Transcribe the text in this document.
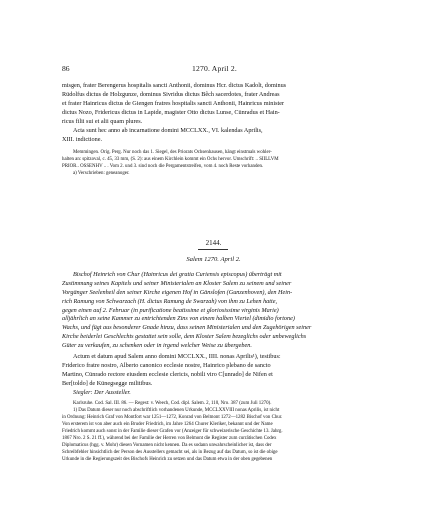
86	1270. April 2.
misgen, frater Berengerus hospitalis sancti Anthonii, dominus Hcr. dictus Kadolt, dominus
Rüdolfus dictus de Holzgunze, dominus Sivridus dictus Bêch sacerdotes, frater Andreas
et frater Hainricus dictus de Giengen fratres hospitalis sancti Anthonii, Hainricus minister
dictus Nozo, Fridericus dictus in Lapide, magister Otto dictus Lunse, Cūnradus et Hain-
ricus filii sui et alii quam plures.
Acta sunt hec anno ab incarnatione domini MCCLXX., VI. kalendas Aprilis,
XIII. indictione.
Memmingen. Orig. Perg. Nur noch das 1. Siegel, des Priorats Ochsenhausen, hängt einstmals wohler-
halten an: spitzoval, c. 45, 33 mm, (S. 2): aus einem Kirchlein kommt ein Ochs hervor. Umschrift: .. SIILLVM
PRIOR.. OSSENHV .. . Vom 2. und 3. sind noch die Pergamentstreifen, vom 4. noch Reste vorhanden.
a) Verschrieben: geneanoger.
2144.
Salem 1270. April 2.
Bischof Heinrich von Chur (Hainricus dei gratia Curiensis episcopus) überträgt mit
Zustimmung seines Kapitels und seiner Ministerialen an Kloster Salem zu seinem und seiner
Vorgänger Seelenheil den seiner Kirche eigenen Hof in Gänslofen (Gunzenhoven), den Hein-
rich Ramung von Schwarzach (H. dictus Ramung de Swarzah) von ihm zu Lehen hatte,
gegen einen auf 2. Februar (in purificatione beatissime et gloriosissime virginis Marie)
alljährlich an seine Kammer zu entrichtenden Zins von einem halben Viertel (dimidio fortone)
Wachs, und fügt aus besonderer Gnade hinzu, dass seinen Ministerialen und den Zugehörigen seiner
Kirche beiderlei Geschlechts gestattet sein solle, dem Kloster Salem bezeglichs oder unbeweglichs
Güter zu verkaufen, zu schenken oder in irgend welcher Weise zu übergeben.
Actum et datum apud Salem anno domini MCCLXX., IIII. nonas Aprilis¹), testibus:
Friderico fratre nostro, Alberto canonico ecclesie nostre, Hainrico plebano de sancto
Martino, Cūnrado rectore eiusdem ecclesie clericis, nobili viro C[unrado] de Nifen et
Ber[toldo] de Künegsegge militibus.
Siegler: Der Aussteller.
Karlsruhe. Cod. Sal. III. 86. — Regest: v. Weech, Cod. dipl. Salem. 2, 110, Nro. 387 (zum Juli 1270).
1) Das Datum dieser nur noch abschriftlich vorhandenen Urkunde, MCCLXXVIII nonas Aprilis, ist nicht
in Ordnung: Heinrich Graf von Montfort war 1251—1272, Konrad von Belmont 1272—1282 Bischof von Chur.
Von ersterem ist von aber auch ein Bruder Friedrich, im Jahre 1264 Churer Kleriker, bekannt und der Name
Friedrich kommt auch sonst in der Familie dieser Grafen vor (Anzeiger für schweizerische Geschichte 13. Jahrg.
1867 Nro. 2 S. 21 ff.), während bei der Familie der Herren von Belmont die Register zum currätischen Codex
Diplomaticus (hgg. v. Mohr) diesen Vornamen nicht kennen. Da es sodann unwahrscheinlicher ist, dass der
Schreibfehler hinsichtlich der Person des Ausstellers gemacht sei, als in Bezug auf das Datum, so ist die obige
Urkunde in die Regierungszeit des Bischofs Heinrich zu setzen und das Datum etwa in der oben gegebenen
